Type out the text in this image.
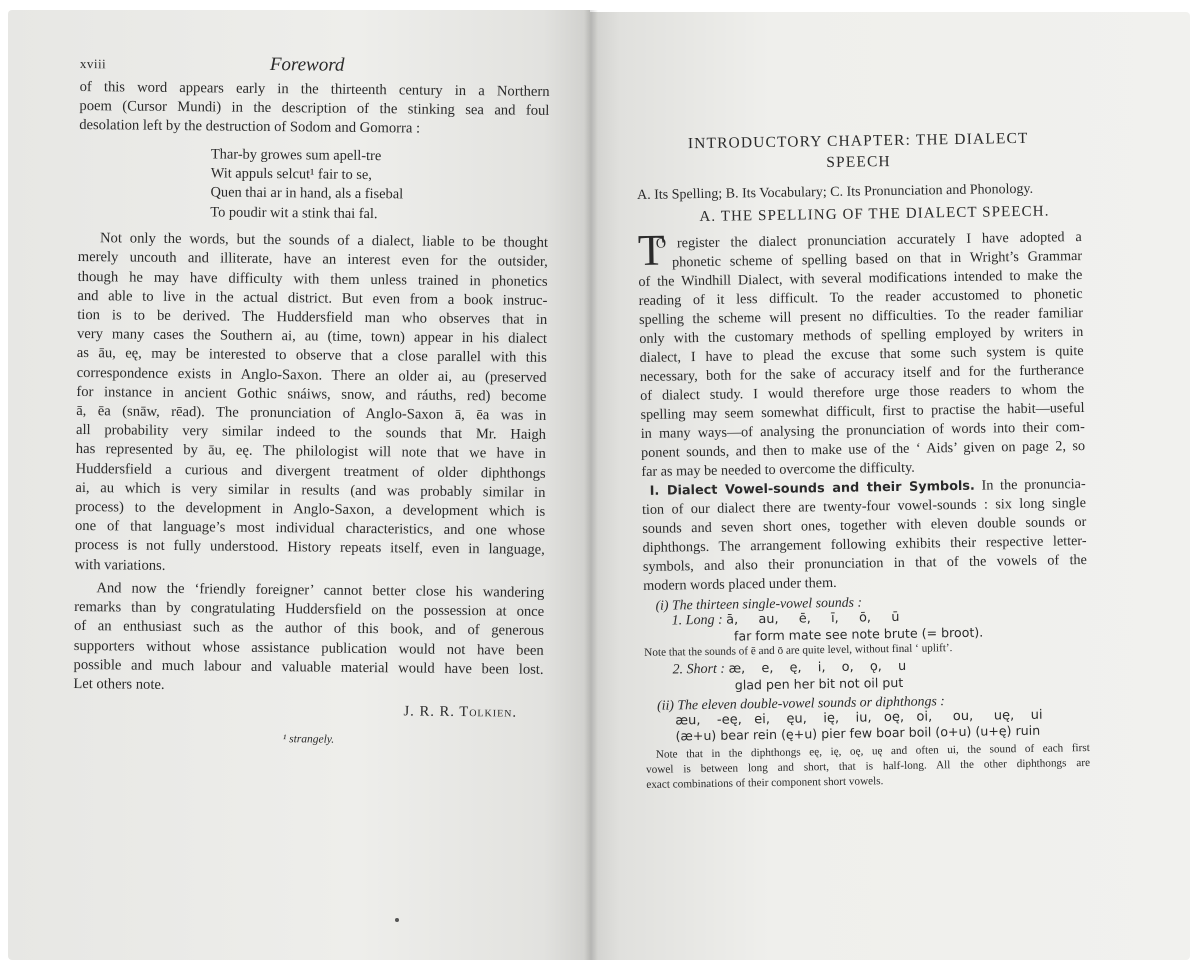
xviii	Foreword
of this word appears early in the thirteenth century in a Northern
poem (Cursor Mundi) in the description of the stinking sea and foul
desolation left by the destruction of Sodom and Gomorra :
Thar-by growes sum apell-tre
Wit appuls selcut¹ fair to se,
Quen thai ar in hand, als a fisebal
To poudir wit a stink thai fal.
Not only the words, but the sounds of a dialect, liable to be thought
merely uncouth and illiterate, have an interest even for the outsider,
though he may have difficulty with them unless trained in phonetics
and able to live in the actual district. But even from a book instruc-
tion is to be derived. The Huddersfield man who observes that in
very many cases the Southern ai, au (time, town) appear in his dialect
as āu, eę, may be interested to observe that a close parallel with this
correspondence exists in Anglo-Saxon. There an older ai, au (preserved
for instance in ancient Gothic snáiws, snow, and ráuths, red) become
ā, ēa (snāw, rēad). The pronunciation of Anglo-Saxon ā, ēa was in
all probability very similar indeed to the sounds that Mr. Haigh
has represented by āu, eę. The philologist will note that we have in
Huddersfield a curious and divergent treatment of older diphthongs
ai, au which is very similar in results (and was probably similar in
process) to the development in Anglo-Saxon, a development which is
one of that language’s most individual characteristics, and one whose
process is not fully understood. History repeats itself, even in language,
with variations.
And now the ‘friendly foreigner’ cannot better close his wandering
remarks than by congratulating Huddersfield on the possession at once
of an enthusiast such as the author of this book, and of generous
supporters without whose assistance publication would not have been
possible and much labour and valuable material would have been lost.
Let others note.
J. R. R. Tolkien.
¹ strangely.
INTRODUCTORY CHAPTER: THE DIALECT
SPEECH
A. Its Spelling; B. Its Vocabulary; C. Its Pronunciation and Phonology.
A. THE SPELLING OF THE DIALECT SPEECH.
T
O register the dialect pronunciation accurately I have adopted a
phonetic scheme of spelling based on that in Wright’s Grammar
of the Windhill Dialect, with several modifications intended to make the
reading of it less difficult. To the reader accustomed to phonetic
spelling the scheme will present no difficulties. To the reader familiar
only with the customary methods of spelling employed by writers in
dialect, I have to plead the excuse that some such system is quite
necessary, both for the sake of accuracy itself and for the furtherance
of dialect study. I would therefore urge those readers to whom the
spelling may seem somewhat difficult, first to practise the habit—useful
in many ways—of analysing the pronunciation of words into their com-
ponent sounds, and then to make use of the ‘ Aids’ given on page 2, so
far as may be needed to overcome the difficulty.
I. Dialect Vowel-sounds and their Symbols. In the pronuncia-
tion of our dialect there are twenty-four vowel-sounds : six long single
sounds and seven short ones, together with eleven double sounds or
diphthongs. The arrangement following exhibits their respective letter-
symbols, and also their pronunciation in that of the vowels of the
modern words placed under them.
(i) The thirteen single-vowel sounds :
1. Long : ā,     au,     ē,     ī,     ō,     ū
far form mate see note brute (= broot).
Note that the sounds of ē and ō are quite level, without final ‘ uplift’.
2. Short : æ,    e,    ę,    i,    o,    ǫ,    u
glad pen her bit not oil put
(ii) The eleven double-vowel sounds or diphthongs :
æu,    -eę,   ei,    ęu,    ię,    iu,   oę,   oi,     ou,     uę,    ui
(æ+u) bear rein (ę+u) pier few boar boil (o+u) (u+ę) ruin
Note that in the diphthongs eę, ię, oę, uę and often ui, the sound of each first
vowel is between long and short, that is half-long. All the other diphthongs are
exact combinations of their component short vowels.
